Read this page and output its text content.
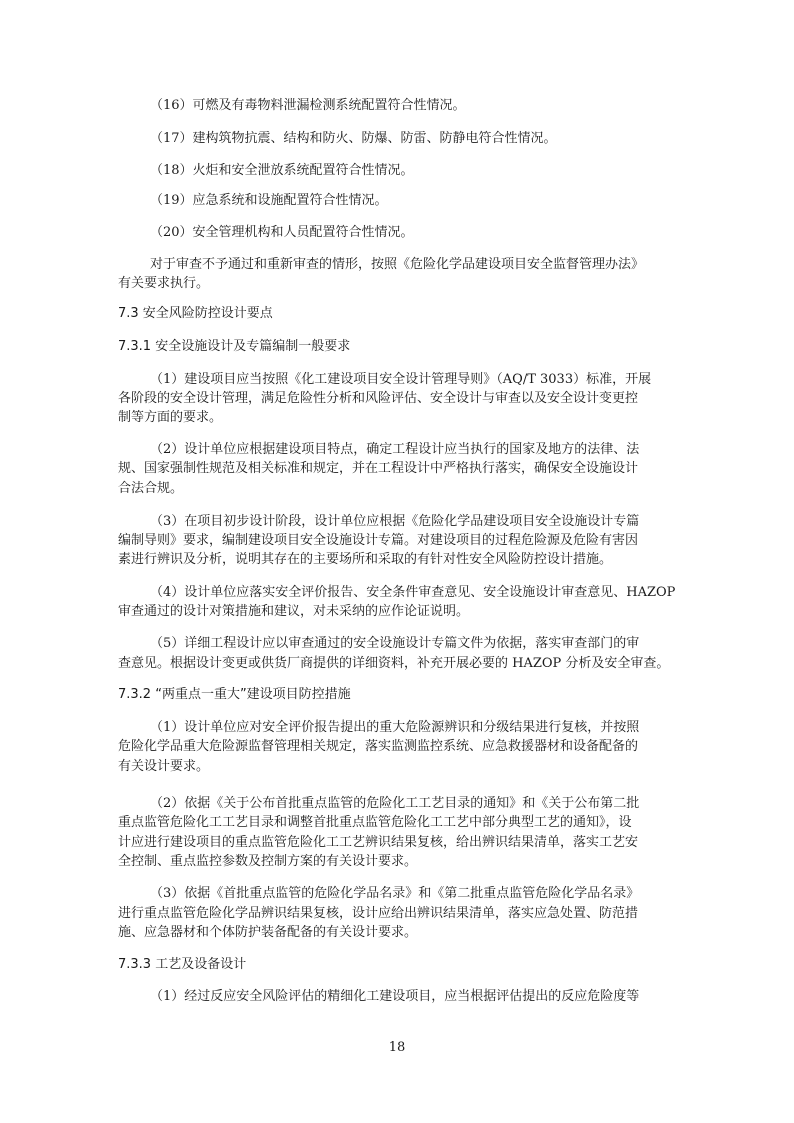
（16）可燃及有毒物料泄漏检测系统配置符合性情况。
（17）建构筑物抗震、结构和防火、防爆、防雷、防静电符合性情况。
（18）火炬和安全泄放系统配置符合性情况。
（19）应急系统和设施配置符合性情况。
（20）安全管理机构和人员配置符合性情况。
对于审查不予通过和重新审查的情形，按照《危险化学品建设项目安全监督管理办法》
有关要求执行。
7.3 安全风险防控设计要点
7.3.1 安全设施设计及专篇编制一般要求
（1）建设项目应当按照《化工建设项目安全设计管理导则》（AQ/T 3033）标准，开展
各阶段的安全设计管理，满足危险性分析和风险评估、安全设计与审查以及安全设计变更控
制等方面的要求。
（2）设计单位应根据建设项目特点，确定工程设计应当执行的国家及地方的法律、法
规、国家强制性规范及相关标准和规定，并在工程设计中严格执行落实，确保安全设施设计
合法合规。
（3）在项目初步设计阶段，设计单位应根据《危险化学品建设项目安全设施设计专篇
编制导则》要求，编制建设项目安全设施设计专篇。对建设项目的过程危险源及危险有害因
素进行辨识及分析，说明其存在的主要场所和采取的有针对性安全风险防控设计措施。
（4）设计单位应落实安全评价报告、安全条件审查意见、安全设施设计审查意见、HAZOP
审查通过的设计对策措施和建议，对未采纳的应作论证说明。
（5）详细工程设计应以审查通过的安全设施设计专篇文件为依据，落实审查部门的审
查意见。根据设计变更或供货厂商提供的详细资料，补充开展必要的 HAZOP 分析及安全审查。
7.3.2 “两重点一重大”建设项目防控措施
（1）设计单位应对安全评价报告提出的重大危险源辨识和分级结果进行复核，并按照
危险化学品重大危险源监督管理相关规定，落实监测监控系统、应急救援器材和设备配备的
有关设计要求。
（2）依据《关于公布首批重点监管的危险化工工艺目录的通知》和《关于公布第二批
重点监管危险化工工艺目录和调整首批重点监管危险化工工艺中部分典型工艺的通知》，设
计应进行建设项目的重点监管危险化工工艺辨识结果复核，给出辨识结果清单，落实工艺安
全控制、重点监控参数及控制方案的有关设计要求。
（3）依据《首批重点监管的危险化学品名录》和《第二批重点监管危险化学品名录》
进行重点监管危险化学品辨识结果复核，设计应给出辨识结果清单，落实应急处置、防范措
施、应急器材和个体防护装备配备的有关设计要求。
7.3.3 工艺及设备设计
（1）经过反应安全风险评估的精细化工建设项目，应当根据评估提出的反应危险度等
18
